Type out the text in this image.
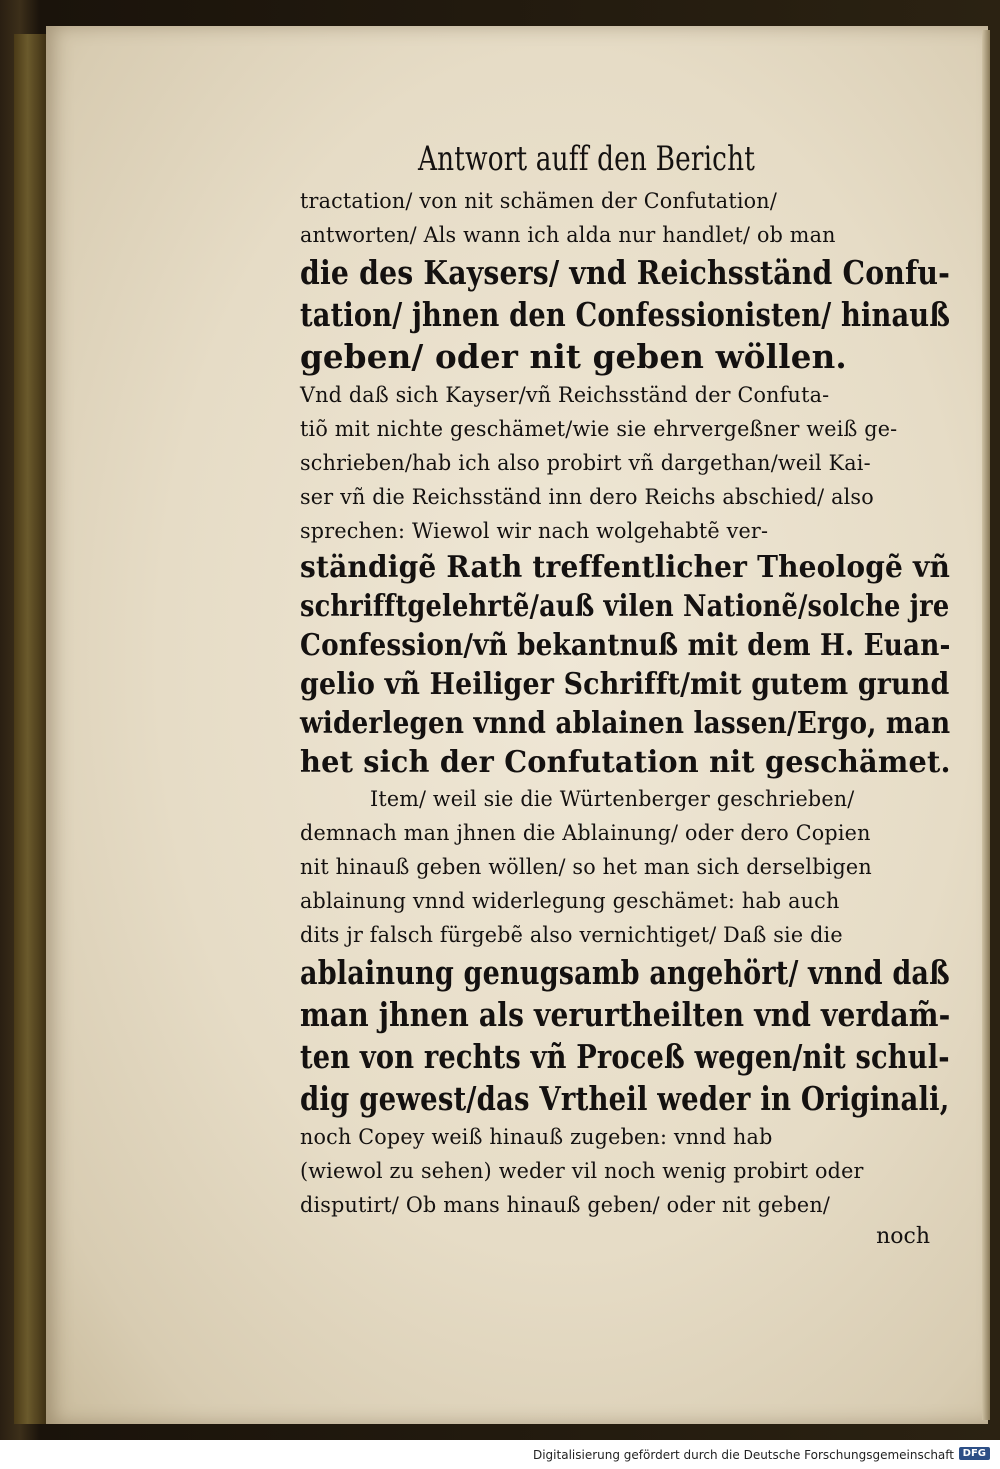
Antwort auff den Bericht
tractation/ von nit schämen der Confutation/
antworten/ Als wann ich alda nur handlet/ ob man
die des Kaysers/ vnd Reichsständ Confu-
tation/ jhnen den Confessionisten/ hinauß
geben/ oder nit geben wöllen.
Vnd daß sich Kayser/vñ Reichsständ der Confuta-
tiõ mit nichte geschämet/wie sie ehrvergeßner weiß ge-
schrieben/hab ich also probirt vñ dargethan/weil Kai-
ser vñ die Reichsständ inn dero Reichs abschied/ also
sprechen: Wiewol wir nach wolgehabtẽ ver-
ständigẽ Rath treffentlicher Theologẽ vñ
schrifftgelehrtẽ/auß vilen Nationẽ/solche jre
Confession/vñ bekantnuß mit dem H. Euan-
gelio vñ Heiliger Schrifft/mit gutem grund
widerlegen vnnd ablainen lassen/Ergo, man
het sich der Confutation nit geschämet.
Item/ weil sie die Würtenberger geschrieben/
demnach man jhnen die Ablainung/ oder dero Copien
nit hinauß geben wöllen/ so het man sich derselbigen
ablainung vnnd widerlegung geschämet: hab auch
dits jr falsch fürgebẽ also vernichtiget/ Daß sie die
ablainung genugsamb angehört/ vnnd daß
man jhnen als verurtheilten vnd verdam̃-
ten von rechts vñ Proceß wegen/nit schul-
dig gewest/das Vrtheil weder in Originali,
noch Copey weiß hinauß zugeben: vnnd hab
(wiewol zu sehen) weder vil noch wenig probirt oder
disputirt/ Ob mans hinauß geben/ oder nit geben/
noch
Digitalisierung gefördert durch die Deutsche Forschungsgemeinschaft DFG
